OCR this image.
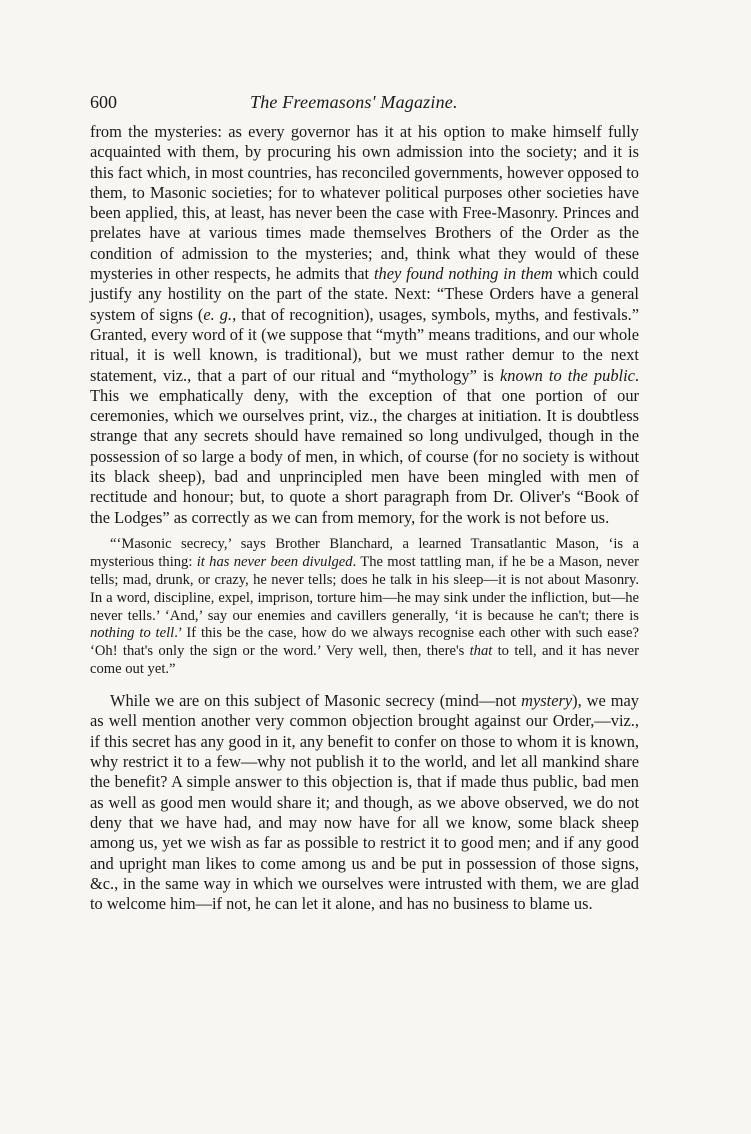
600	The Freemasons' Magazine.

from the mysteries: as every governor has it at his option to make himself fully acquainted with them, by procuring his own admission into the society; and it is this fact which, in most countries, has reconciled governments, however opposed to them, to Masonic societies; for to whatever political purposes other societies have been applied, this, at least, has never been the case with Free-Masonry. Princes and prelates have at various times made themselves Brothers of the Order as the condition of admission to the mysteries; and, think what they would of these mysteries in other respects, he admits that they found nothing in them which could justify any hostility on the part of the state. Next: “These Orders have a general system of signs (e. g., that of recognition), usages, symbols, myths, and festivals.” Granted, every word of it (we suppose that “myth” means traditions, and our whole ritual, it is well known, is traditional), but we must rather demur to the next statement, viz., that a part of our ritual and “mythology” is known to the public. This we emphatically deny, with the exception of that one portion of our ceremonies, which we ourselves print, viz., the charges at initiation. It is doubtless strange that any secrets should have remained so long undivulged, though in the possession of so large a body of men, in which, of course (for no society is without its black sheep), bad and unprincipled men have been mingled with men of rectitude and honour; but, to quote a short paragraph from Dr. Oliver's “Book of the Lodges” as correctly as we can from memory, for the work is not before us.

“‘Masonic secrecy,’ says Brother Blanchard, a learned Transatlantic Mason, ‘is a mysterious thing: it has never been divulged. The most tattling man, if he be a Mason, never tells; mad, drunk, or crazy, he never tells; does he talk in his sleep—it is not about Masonry. In a word, discipline, expel, imprison, torture him—he may sink under the infliction, but—he never tells.’ ‘And,’ say our enemies and cavillers generally, ‘it is because he can't; there is nothing to tell.’ If this be the case, how do we always recognise each other with such ease? ‘Oh! that's only the sign or the word.’ Very well, then, there's that to tell, and it has never come out yet.”

While we are on this subject of Masonic secrecy (mind—not mystery), we may as well mention another very common objection brought against our Order,—viz., if this secret has any good in it, any benefit to confer on those to whom it is known, why restrict it to a few—why not publish it to the world, and let all mankind share the benefit? A simple answer to this objection is, that if made thus public, bad men as well as good men would share it; and though, as we above observed, we do not deny that we have had, and may now have for all we know, some black sheep among us, yet we wish as far as possible to restrict it to good men; and if any good and upright man likes to come among us and be put in possession of those signs, &c., in the same way in which we ourselves were intrusted with them, we are glad to welcome him—if not, he can let it alone, and has no business to blame us.
